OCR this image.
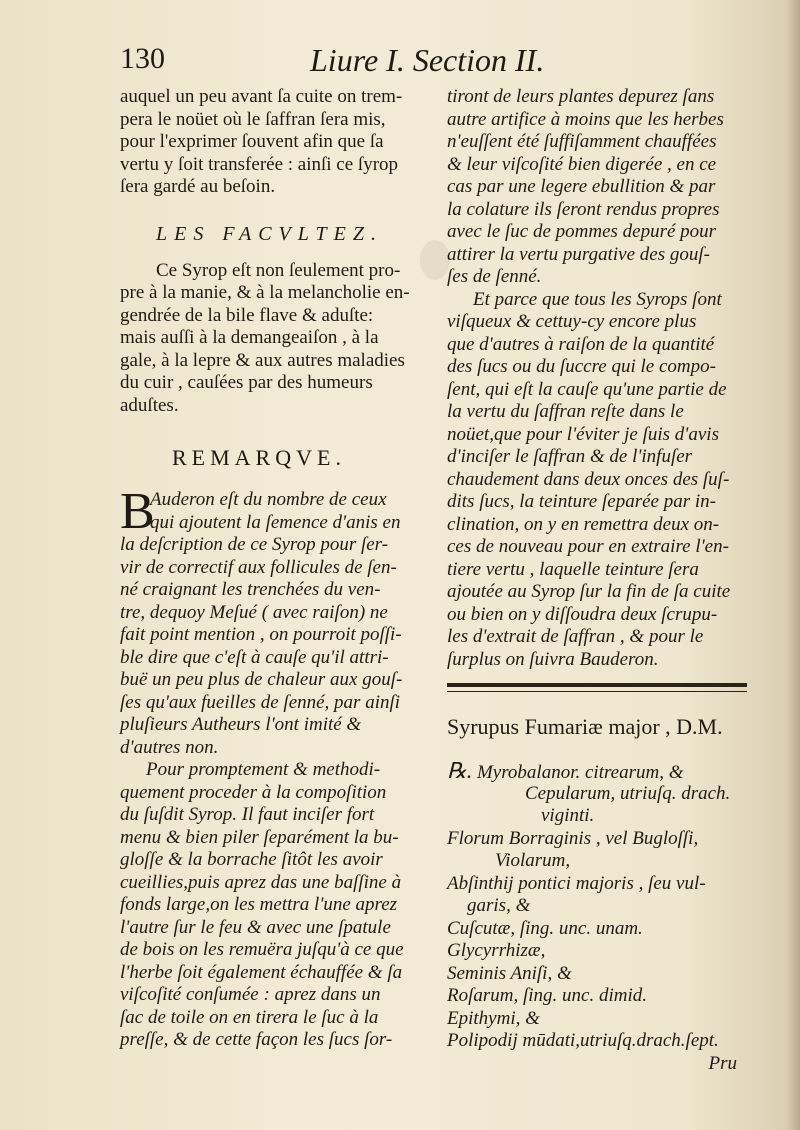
130	Liure I. Section II.
auquel un peu avant ſa cuite on trem-
pera le noüet où le ſaffran ſera mis,
pour l'exprimer ſouvent afin que ſa
vertu y ſoit transferée : ainſi ce ſyrop
ſera gardé au beſoin.
LES FACVLTEZ.
Ce Syrop eſt non ſeulement pro-
pre à la manie, & à la melancholie en-
gendrée de la bile flave & aduſte:
mais auſſi à la demangeaiſon , à la
gale, à la lepre & aux autres maladies
du cuir , cauſées par des humeurs
aduſtes.
REMARQVE.
B
Auderon eſt du nombre de ceux
qui ajoutent la ſemence d'anis en
la deſcription de ce Syrop pour ſer-
vir de correctif aux follicules de ſen-
né craignant les trenchées du ven-
tre, dequoy Meſué ( avec raiſon) ne
fait point mention , on pourroit poſſi-
ble dire que c'eſt à cauſe qu'il attri-
buë un peu plus de chaleur aux gouſ-
ſes qu'aux fueilles de ſenné, par ainſi
pluſieurs Autheurs l'ont imité &
d'autres non.
Pour promptement & methodi-
quement proceder à la compoſition
du ſuſdit Syrop. Il faut inciſer fort
menu & bien piler ſeparément la bu-
gloſſe & la borrache ſitôt les avoir
cueillies,puis aprez das une baſſine à
fonds large,on les mettra l'une aprez
l'autre ſur le feu & avec une ſpatule
de bois on les remuëra juſqu'à ce que
l'herbe ſoit également échauffée & ſa
viſcoſité conſumée : aprez dans un
ſac de toile on en tirera le ſuc à la
preſſe, & de cette façon les ſucs ſor-
tiront de leurs plantes depurez ſans
autre artifice à moins que les herbes
n'euſſent été ſuffiſamment chauffées
& leur viſcoſité bien digerée , en ce
cas par une legere ebullition & par
la colature ils ſeront rendus propres
avec le ſuc de pommes depuré pour
attirer la vertu purgative des gouſ-
ſes de ſenné.
Et parce que tous les Syrops ſont
viſqueux & cettuy-cy encore plus
que d'autres à raiſon de la quantité
des ſucs ou du ſuccre qui le compo-
ſent, qui eſt la cauſe qu'une partie de
la vertu du ſaffran reſte dans le
noüet,que pour l'éviter je ſuis d'avis
d'inciſer le ſaffran & de l'infuſer
chaudement dans deux onces des ſuſ-
dits ſucs, la teinture ſeparée par in-
clination, on y en remettra deux on-
ces de nouveau pour en extraire l'en-
tiere vertu , laquelle teinture ſera
ajoutée au Syrop ſur la fin de ſa cuite
ou bien on y diſſoudra deux ſcrupu-
les d'extrait de ſaffran , & pour le
ſurplus on ſuivra Bauderon.
Syrupus Fumariæ major , D.M.
℞. Myrobalanor. citrearum, &
Cepularum, utriuſq. drach.
viginti.
Florum Borraginis , vel Bugloſſi,
Violarum,
Abſinthij pontici majoris , ſeu vul-
garis, &
Cuſcutæ, ſing. unc. unam.
Glycyrrhizæ,
Seminis Aniſi, &
Roſarum, ſing. unc. dimid.
Epithymi, &
Polipodij mūdati,utriuſq.drach.ſept.
Pru
